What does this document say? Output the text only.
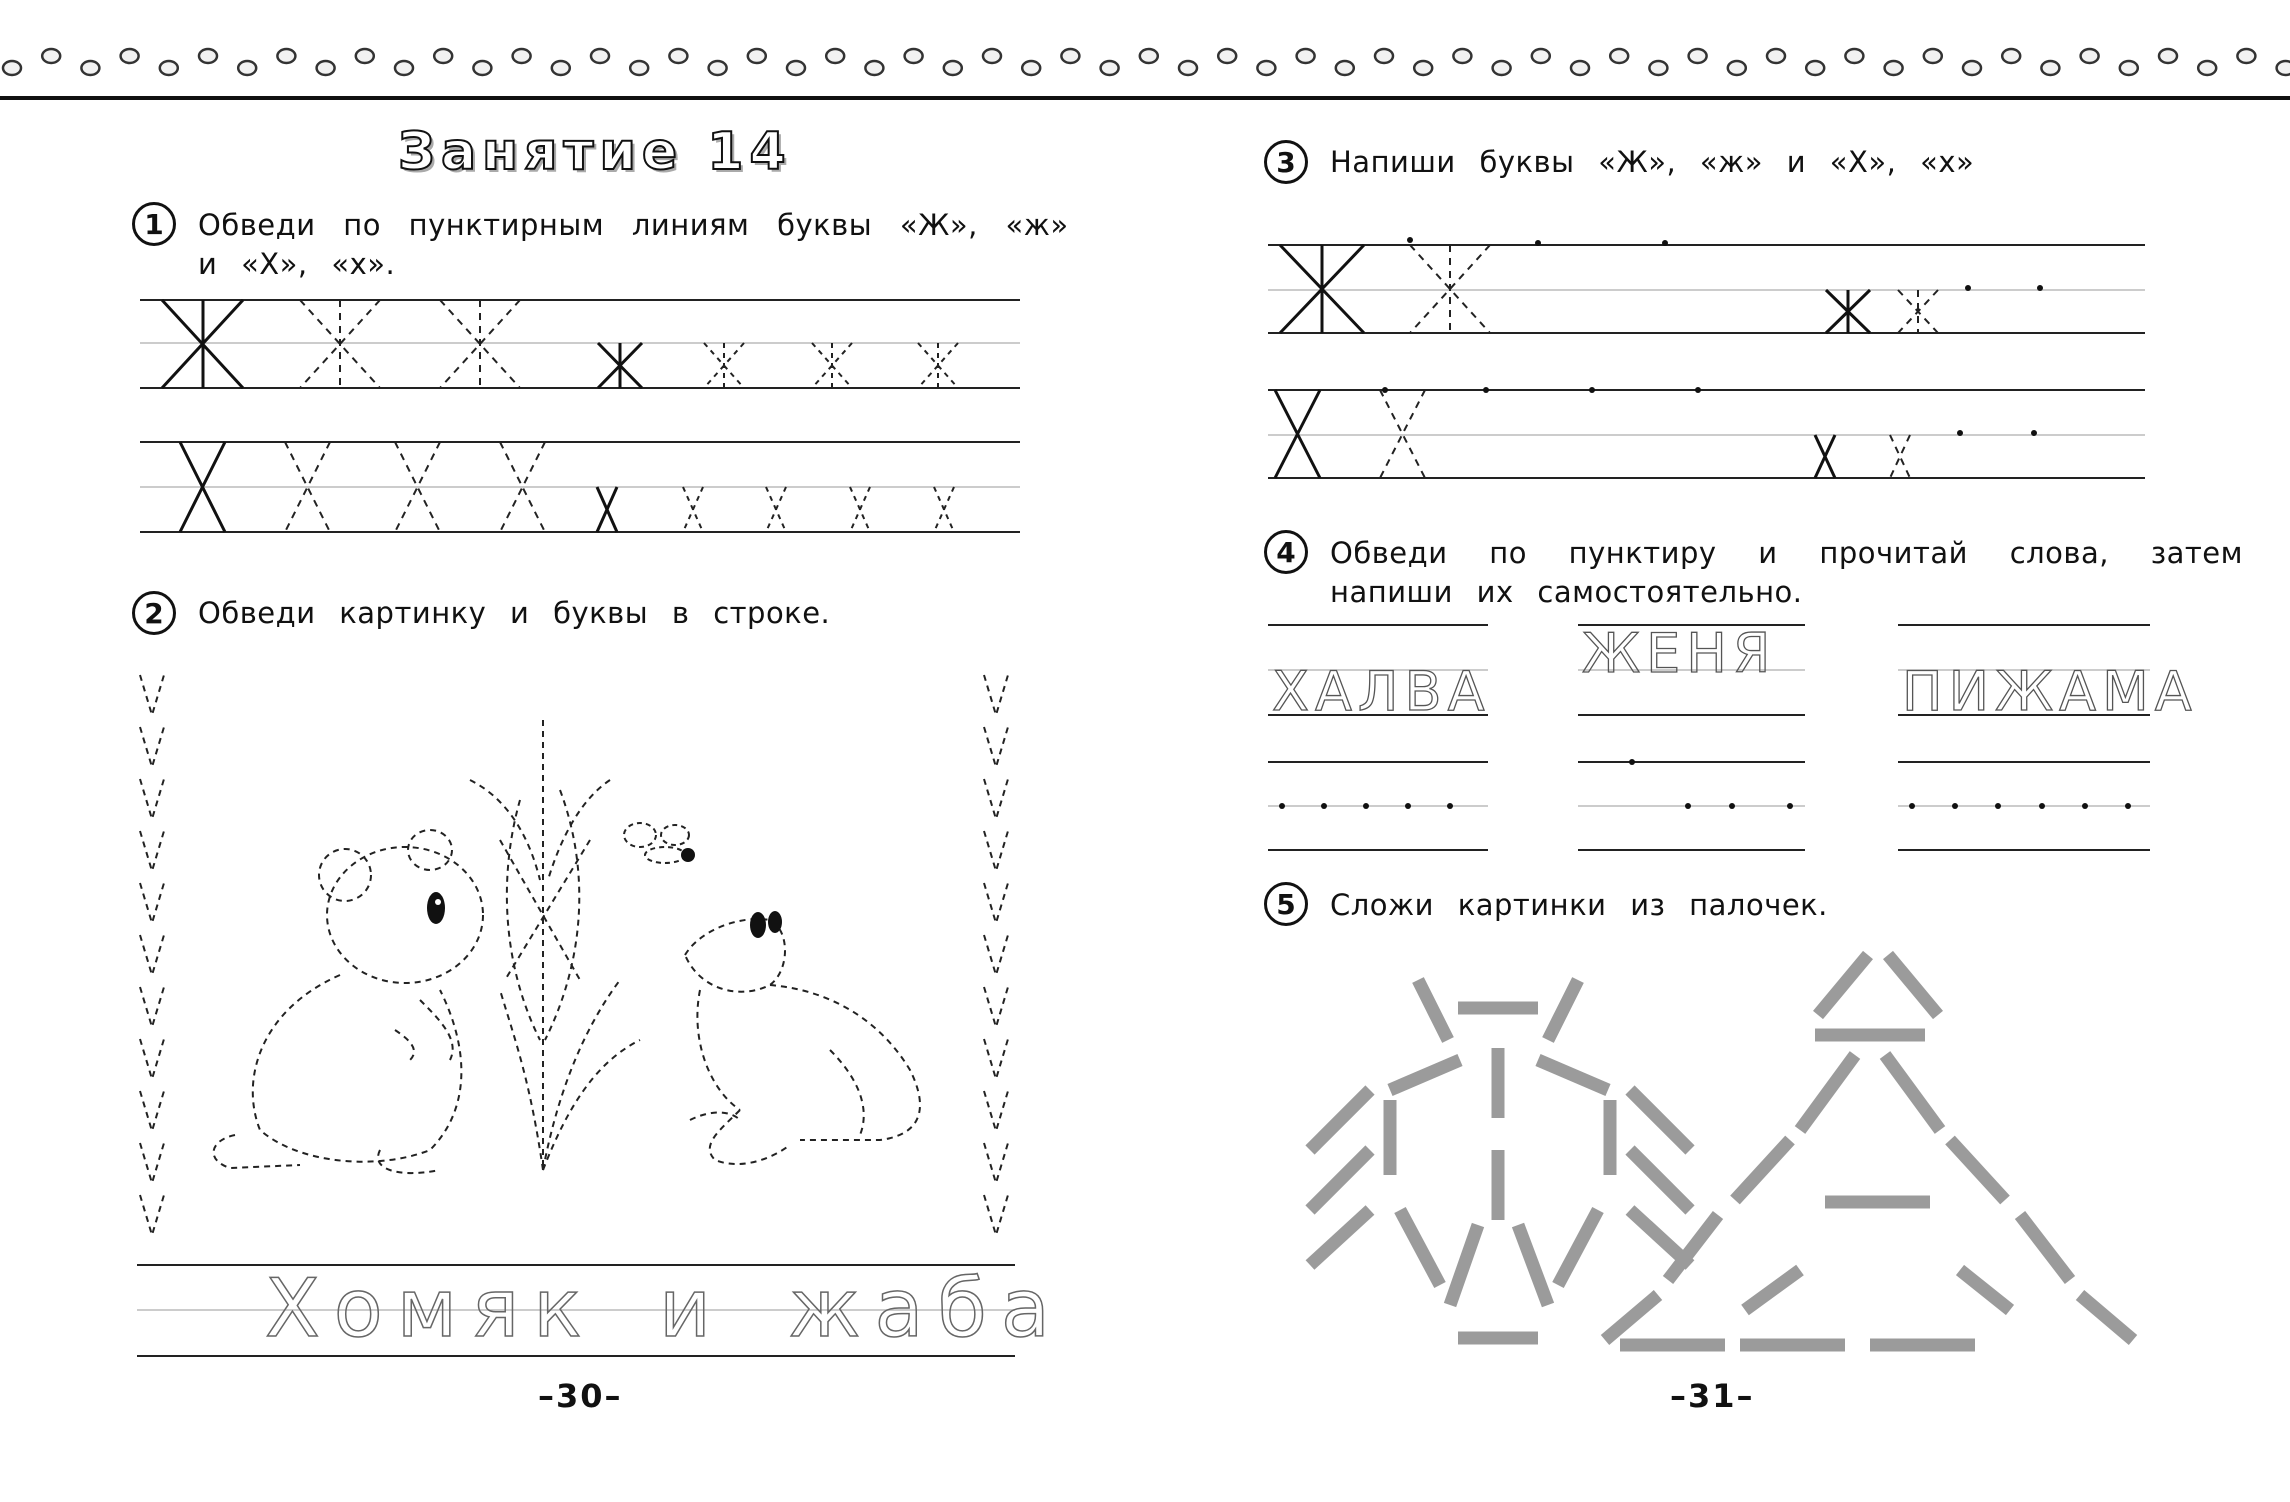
Занятие 14
1	Обведи по пунктирным линиям буквы «Ж», «ж»
и «Х», «х».
2	Обведи картинку и буквы в строке.
Хомяк и жаба
–30–
3	Напиши буквы «Ж», «ж» и «Х», «х»
4	Обведи по пунктиру и прочитай слова, затем
напиши их самостоятельно.
ХАЛВА
ЖЕНЯ
ПИЖАМА
5	Сложи картинки из палочек.
–31–
